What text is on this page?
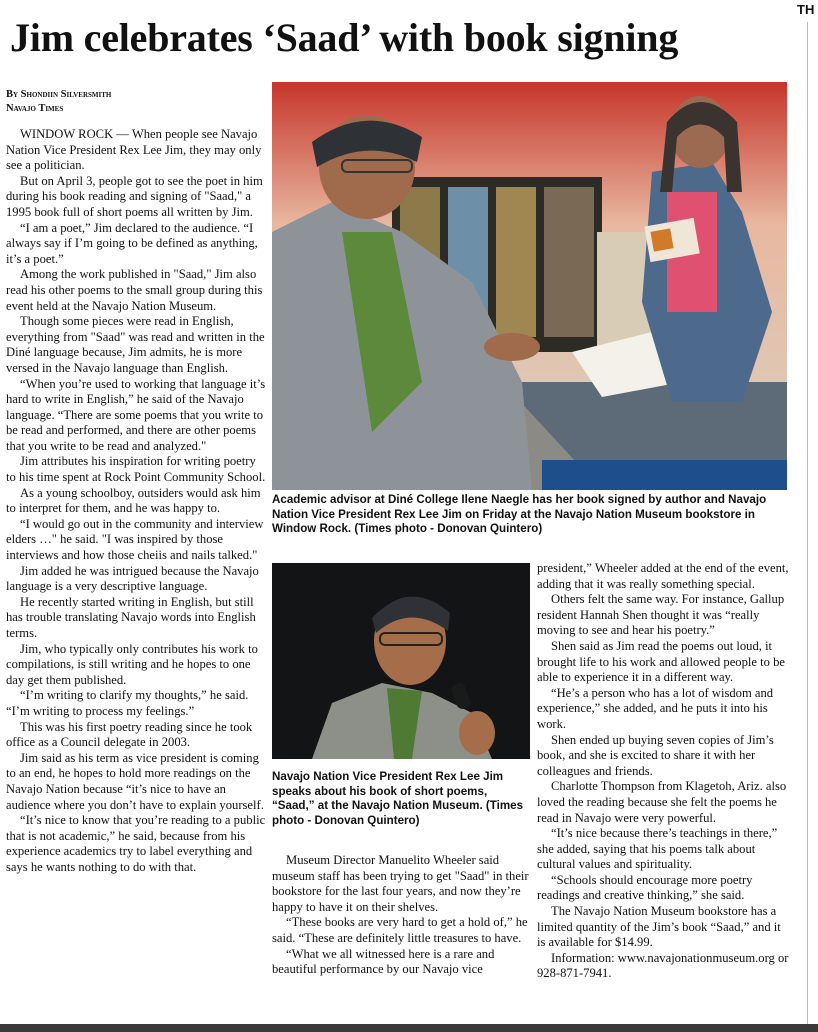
TH
Jim celebrates ‘Saad’ with book signing
By Shondiin Silversmith
Navajo Times

WINDOW ROCK — When people see Navajo Nation Vice President Rex Lee Jim, they may only see a politician.

But on April 3, people got to see the poet in him during his book reading and signing of "Saad," a 1995 book full of short poems all written by Jim.

“I am a poet,” Jim declared to the audience. “I always say if I’m going to be defined as anything, it’s a poet.”

Among the work published in "Saad," Jim also read his other poems to the small group during this event held at the Navajo Nation Museum.

Though some pieces were read in English, everything from "Saad" was read and written in the Diné language because, Jim admits, he is more versed in the Navajo language than English.

“When you’re used to working that language it’s hard to write in English,” he said of the Navajo language. “There are some poems that you write to be read and performed, and there are other poems that you write to be read and analyzed."

Jim attributes his inspiration for writing poetry to his time spent at Rock Point Community School.

As a young schoolboy, outsiders would ask him to interpret for them, and he was happy to.

“I would go out in the community and interview elders …" he said. "I was inspired by those interviews and how those cheiis and nails talked."

Jim added he was intrigued because the Navajo language is a very descriptive language.

He recently started writing in English, but still has trouble translating Navajo words into English terms.

Jim, who typically only contributes his work to compilations, is still writing and he hopes to one day get them published.

“I’m writing to clarify my thoughts,” he said. “I’m writing to process my feelings.”

This was his first poetry reading since he took office as a Council delegate in 2003.

Jim said as his term as vice president is coming to an end, he hopes to hold more readings on the Navajo Nation because “it’s nice to have an audience where you don’t have to explain yourself.

“It’s nice to know that you’re reading to a public that is not academic,” he said, because from his experience academics try to label everything and says he wants nothing to do with that.

Academic advisor at Diné College Ilene Naegle has her book signed by author and Navajo Nation Vice President Rex Lee Jim on Friday at the Navajo Nation Museum bookstore in Window Rock. (Times photo - Donovan Quintero)
Navajo Nation Vice President Rex Lee Jim speaks about his book of short poems, “Saad,” at the Navajo Nation Museum. (Times photo - Donovan Quintero)

Museum Director Manuelito Wheeler said museum staff has been trying to get "Saad" in their bookstore for the last four years, and now they’re happy to have it on their shelves.

“These books are very hard to get a hold of,” he said. “These are definitely little treasures to have.

“What we all witnessed here is a rare and beautiful performance by our Navajo vice

president,” Wheeler added at the end of the event, adding that it was really something special.

Others felt the same way. For instance, Gallup resident Hannah Shen thought it was “really moving to see and hear his poetry.”

Shen said as Jim read the poems out loud, it brought life to his work and allowed people to be able to experience it in a different way.

“He’s a person who has a lot of wisdom and experience,” she added, and he puts it into his work.

Shen ended up buying seven copies of Jim’s book, and she is excited to share it with her colleagues and friends.

Charlotte Thompson from Klagetoh, Ariz. also loved the reading because she felt the poems he read in Navajo were very powerful.

“It’s nice because there’s teachings in there,” she added, saying that his poems talk about cultural values and spirituality.

“Schools should encourage more poetry readings and creative thinking,” she said.

The Navajo Nation Museum bookstore has a limited quantity of the Jim’s book “Saad,” and it is available for $14.99.

Information: www.navajonationmuseum.org or 928-871-7941.
